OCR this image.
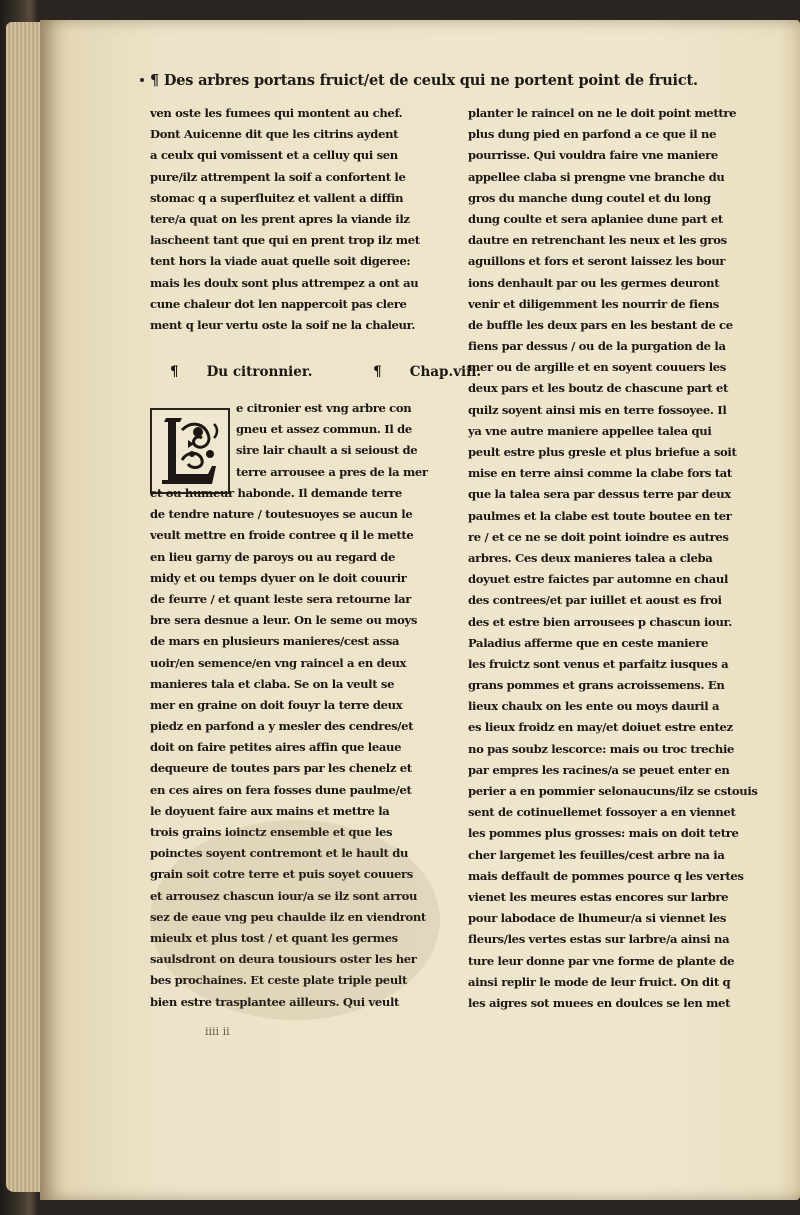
¶ Des arbres portans fruict/et de ceulx qui ne portent point de fruict.
ven oste les fumees qui montent au chef.
Dont Auicenne dit que les citrins aydent
a ceulx qui vomissent et a celluy qui sen
pure/ilz attrempent la soif a confortent le
stomac q a superfluitez et vallent a diffin
tere/a quat on les prent apres la viande ilz
lascheent tant que qui en prent trop ilz met
tent hors la viade auat quelle soit digeree:
mais les doulx sont plus attrempez a ont au
cune chaleur dot len nappercoit pas clere
ment q leur vertu oste la soif ne la chaleur.
¶ Du citronnier.	¶ Chap.viii.
e citronier est vng arbre con
gneu et assez commun. Il de
sire lair chault a si seioust de
terre arrousee a pres de la mer
et ou humeur habonde. Il demande terre
de tendre nature / toutesuoyes se aucun le
veult mettre en froide contree q il le mette
en lieu garny de paroys ou au regard de
midy et ou temps dyuer on le doit couurir
de feurre / et quant leste sera retourne lar
bre sera desnue a leur. On le seme ou moys
de mars en plusieurs manieres/cest assa
uoir/en semence/en vng raincel a en deux
manieres tala et claba. Se on la veult se
mer en graine on doit fouyr la terre deux
piedz en parfond a y mesler des cendres/et
doit on faire petites aires affin que leaue
dequeure de toutes pars par les chenelz et
en ces aires on fera fosses dune paulme/et
le doyuent faire aux mains et mettre la
trois grains ioinctz ensemble et que les
poinctes soyent contremont et le hault du
grain soit cotre terre et puis soyet couuers
et arrousez chascun iour/a se ilz sont arrou
sez de eaue vng peu chaulde ilz en viendront
mieulx et plus tost / et quant les germes
saulsdront on deura tousiours oster les her
bes prochaines. Et ceste plate triple peult
bien estre trasplantee ailleurs. Qui veult
planter le raincel on ne le doit point mettre
plus dung pied en parfond a ce que il ne
pourrisse. Qui vouldra faire vne maniere
appellee claba si prengne vne branche du
gros du manche dung coutel et du long
dung coulte et sera aplaniee dune part et
dautre en retrenchant les neux et les gros
aguillons et fors et seront laissez les bour
ions denhault par ou les germes deuront
venir et diligemment les nourrir de fiens
de buffle les deux pars en les bestant de ce
fiens par dessus / ou de la purgation de la
mer ou de argille et en soyent couuers les
deux pars et les boutz de chascune part et
quilz soyent ainsi mis en terre fossoyee. Il
ya vne autre maniere appellee talea qui
peult estre plus gresle et plus briefue a soit
mise en terre ainsi comme la clabe fors tat
que la talea sera par dessus terre par deux
paulmes et la clabe est toute boutee en ter
re / et ce ne se doit point ioindre es autres
arbres. Ces deux manieres talea a cleba
doyuet estre faictes par automne en chaul
des contrees/et par iuillet et aoust es froi
des et estre bien arrousees p chascun iour.
Paladius afferme que en ceste maniere
les fruictz sont venus et parfaitz iusques a
grans pommes et grans acroissemens. En
lieux chaulx on les ente ou moys dauril a
es lieux froidz en may/et doiuet estre entez
no pas soubz lescorce: mais ou troc trechie
par empres les racines/a se peuet enter en
perier a en pommier selonaucuns/ilz se cstouis
sent de cotinuellemet fossoyer a en viennet
les pommes plus grosses: mais on doit tetre
cher largemet les feuilles/cest arbre na ia
mais deffault de pommes pource q les vertes
vienet les meures estas encores sur larbre
pour labodace de lhumeur/a si viennet les
fleurs/les vertes estas sur larbre/a ainsi na
ture leur donne par vne forme de plante de
ainsi replir le mode de leur fruict. On dit q
les aigres sot muees en doulces se len met
iiii ii
